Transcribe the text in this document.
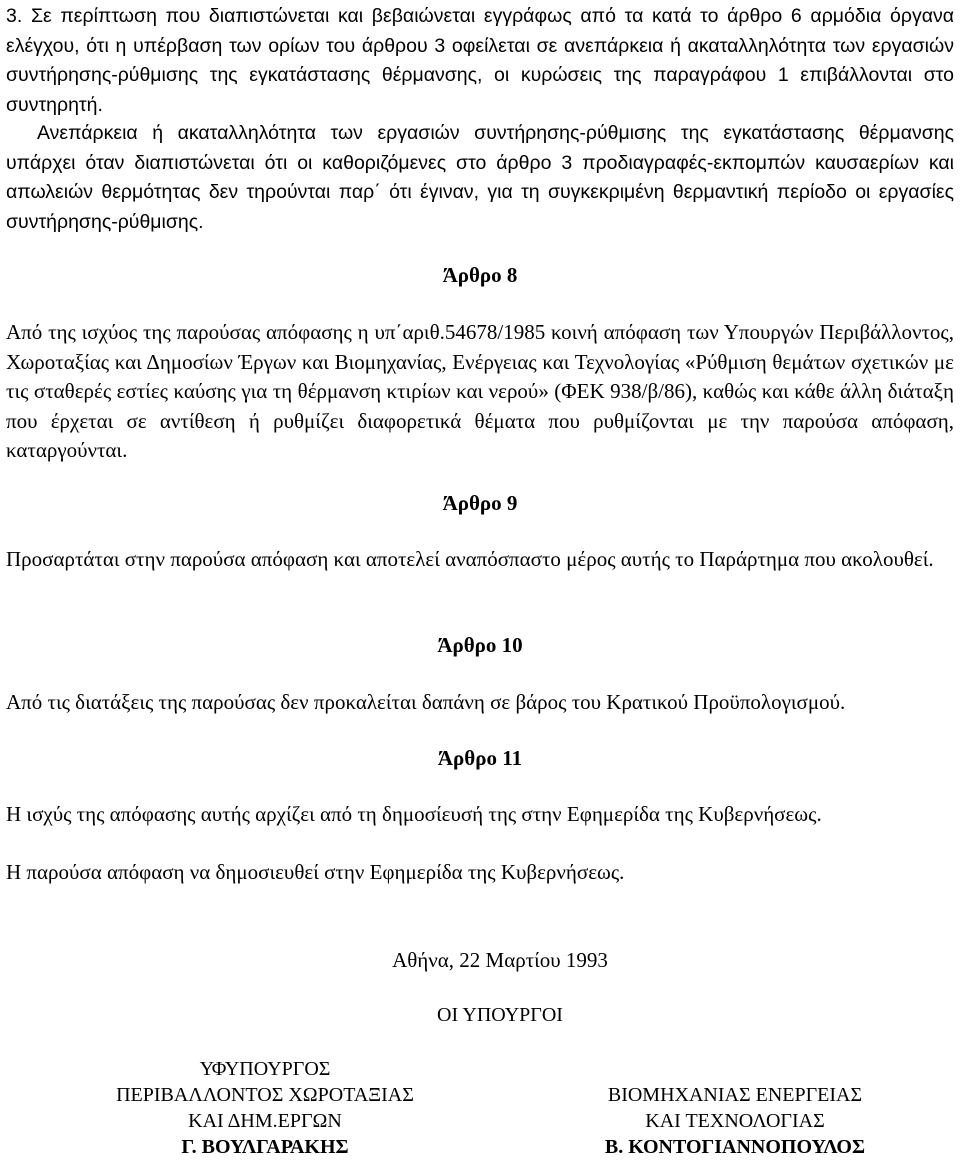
3. Σε περίπτωση που διαπιστώνεται και βεβαιώνεται εγγράφως από τα κατά το άρθρο 6 αρμόδια όργανα ελέγχου, ότι η υπέρβαση των ορίων του άρθρου 3 οφείλεται σε ανεπάρκεια ή ακαταλληλότητα των εργασιών συντήρησης-ρύθμισης της εγκατάστασης θέρμανσης, οι κυρώσεις της παραγράφου 1 επιβάλλονται στο συντηρητή.
Ανεπάρκεια ή ακαταλληλότητα των εργασιών συντήρησης-ρύθμισης της εγκατάστασης θέρμανσης υπάρχει όταν διαπιστώνεται ότι οι καθοριζόμενες στο άρθρο 3 προδιαγραφές-εκπομπών καυσαερίων και απωλειών θερμότητας δεν τηρούνται παρ΄ ότι έγιναν, για τη συγκεκριμένη θερμαντική περίοδο οι εργασίες συντήρησης-ρύθμισης.
Άρθρο 8
Από της ισχύος της παρούσας απόφασης η υπ΄αριθ.54678/1985 κοινή απόφαση των Υπουργών Περιβάλλοντος, Χωροταξίας και Δημοσίων Έργων και Βιομηχανίας, Ενέργειας και Τεχνολογίας «Ρύθμιση θεμάτων σχετικών με τις σταθερές εστίες καύσης για τη θέρμανση κτιρίων και νερού» (ΦΕΚ 938/β/86), καθώς και κάθε άλλη διάταξη που έρχεται σε αντίθεση ή ρυθμίζει διαφορετικά θέματα που ρυθμίζονται με την παρούσα απόφαση, καταργούνται.
Άρθρο 9
Προσαρτάται στην παρούσα απόφαση και αποτελεί αναπόσπαστο μέρος αυτής το Παράρτημα που ακολουθεί.
Άρθρο 10
Από τις διατάξεις της παρούσας δεν προκαλείται δαπάνη σε βάρος του Κρατικού Προϋπολογισμού.
Άρθρο 11
Η ισχύς της απόφασης αυτής αρχίζει από τη δημοσίευσή της στην Εφημερίδα της Κυβερνήσεως.
Η παρούσα απόφαση να δημοσιευθεί στην Εφημερίδα της Κυβερνήσεως.
Αθήνα, 22 Μαρτίου 1993
ΟΙ ΥΠΟΥΡΓΟΙ
ΥΦΥΠΟΥΡΓΟΣ
ΠΕΡΙΒΑΛΛΟΝΤΟΣ ΧΩΡΟΤΑΞΙΑΣ
ΚΑΙ ΔΗΜ.ΕΡΓΩΝ
Γ. ΒΟΥΛΓΑΡΑΚΗΣ
ΒΙΟΜΗΧΑΝΙΑΣ ΕΝΕΡΓΕΙΑΣ
ΚΑΙ ΤΕΧΝΟΛΟΓΙΑΣ
Β. ΚΟΝΤΟΓΙΑΝΝΟΠΟΥΛΟΣ
